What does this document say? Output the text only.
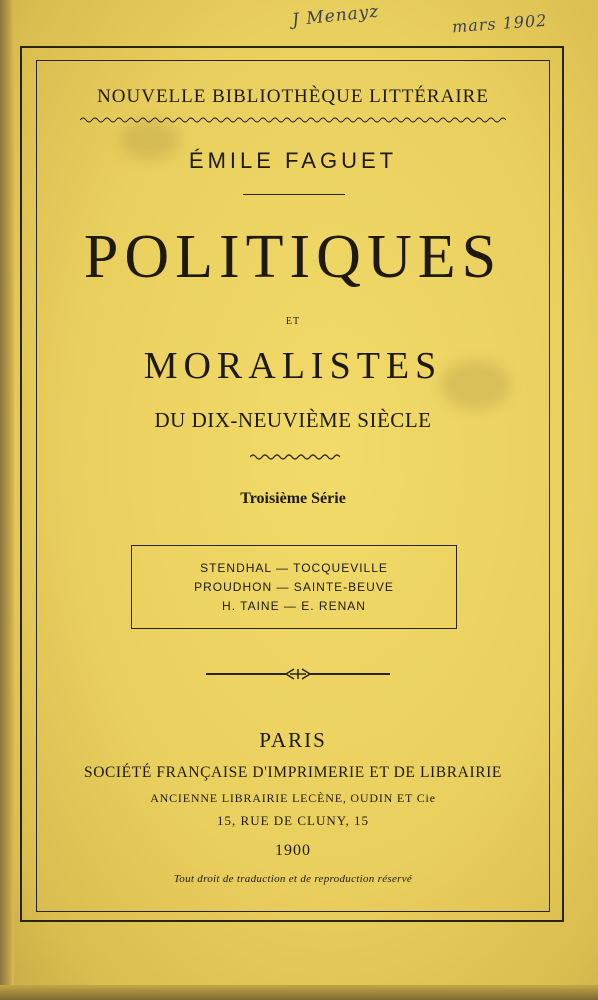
J Menayz	mars 1902
NOUVELLE BIBLIOTHÈQUE LITTÉRAIRE
ÉMILE FAGUET
POLITIQUES
ET
MORALISTES
DU DIX-NEUVIÈME SIÈCLE
Troisième Série
STENDHAL — TOCQUEVILLE
PROUDHON — SAINTE-BEUVE
H. TAINE — E. RENAN
PARIS
SOCIÉTÉ FRANÇAISE D'IMPRIMERIE ET DE LIBRAIRIE
ANCIENNE LIBRAIRIE LECÈNE, OUDIN ET Cie
15, RUE DE CLUNY, 15
1900
Tout droit de traduction et de reproduction réservé
